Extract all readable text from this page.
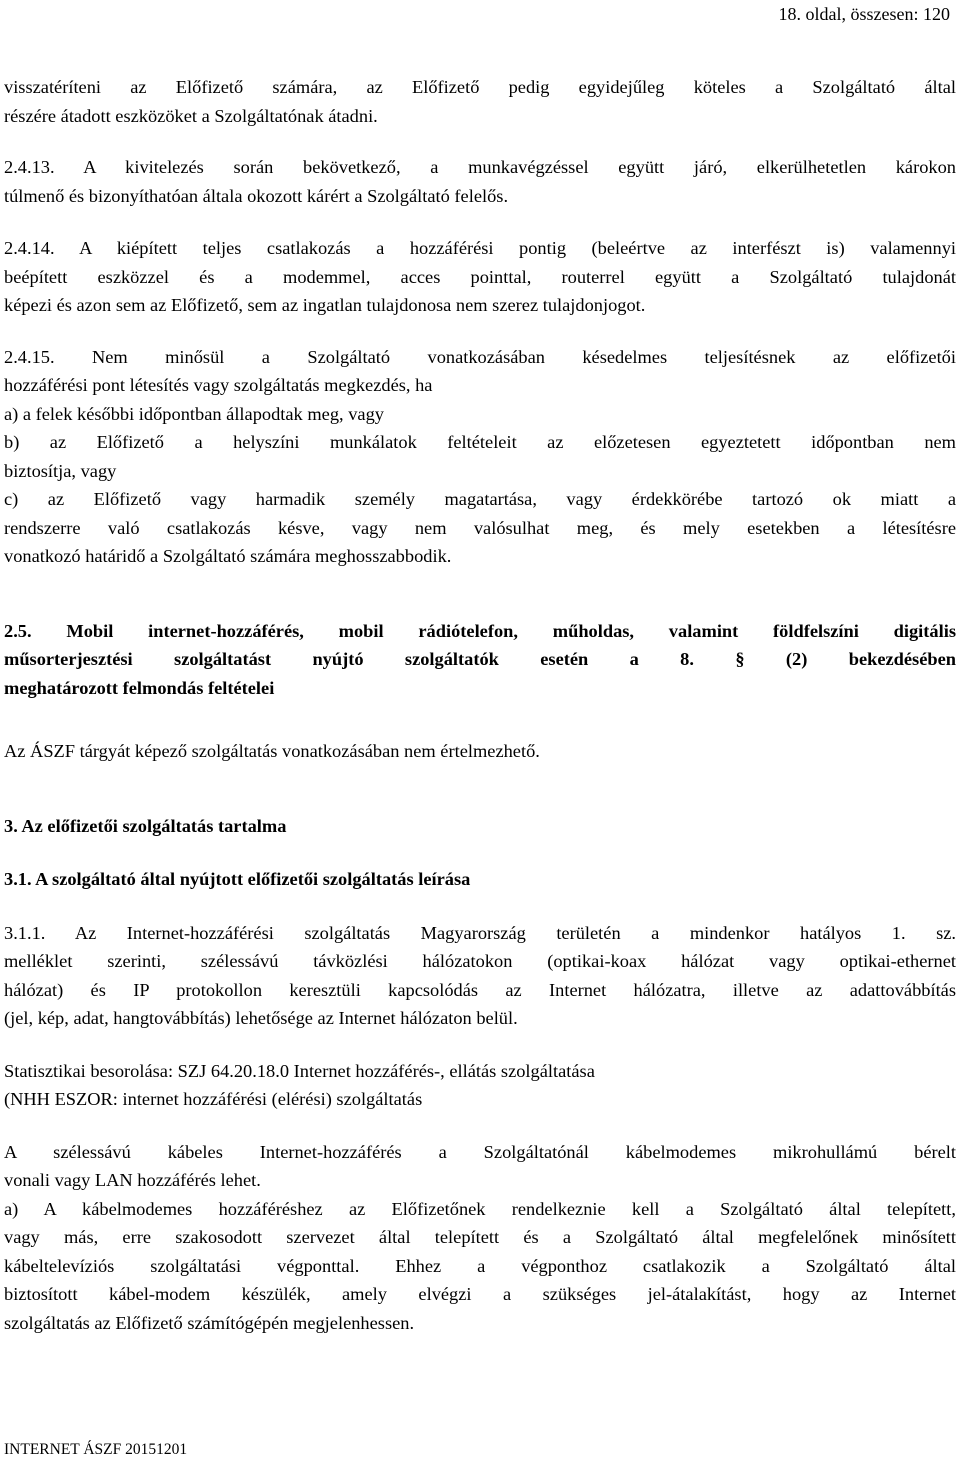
18. oldal, összesen: 120

visszatéríteni az Előfizető számára, az Előfizető pedig egyidejűleg köteles a Szolgáltató által

részére átadott eszközöket a Szolgáltatónak átadni.

2.4.13. A kivitelezés során bekövetkező, a munkavégzéssel együtt járó, elkerülhetetlen károkon

túlmenő és bizonyíthatóan általa okozott kárért a Szolgáltató felelős.

2.4.14. A kiépített teljes csatlakozás a hozzáférési pontig (beleértve az interfészt is) valamennyi

beépített eszközzel és a modemmel, acces pointtal, routerrel együtt a Szolgáltató tulajdonát

képezi és azon sem az Előfizető, sem az ingatlan tulajdonosa nem szerez tulajdonjogot.

2.4.15. Nem minősül a Szolgáltató vonatkozásában késedelmes teljesítésnek az előfizetői

hozzáférési pont létesítés vagy szolgáltatás megkezdés, ha

a) a felek későbbi időpontban állapodtak meg, vagy

b) az Előfizető a helyszíni munkálatok feltételeit az előzetesen egyeztetett időpontban nem

biztosítja, vagy

c) az Előfizető vagy harmadik személy magatartása, vagy érdekkörébe tartozó ok miatt a

rendszerre való csatlakozás késve, vagy nem valósulhat meg, és mely esetekben a létesítésre

vonatkozó határidő a Szolgáltató számára meghosszabbodik.

2.5. Mobil internet-hozzáférés, mobil rádiótelefon, műholdas, valamint földfelszíni digitális

műsorterjesztési szolgáltatást nyújtó szolgáltatók esetén a 8. § (2) bekezdésében

meghatározott felmondás feltételei

Az ÁSZF tárgyát képező szolgáltatás vonatkozásában nem értelmezhető.

3. Az előfizetői szolgáltatás tartalma

3.1. A szolgáltató által nyújtott előfizetői szolgáltatás leírása

3.1.1. Az Internet-hozzáférési szolgáltatás Magyarország területén a mindenkor hatályos 1. sz.

melléklet szerinti, szélessávú távközlési hálózatokon (optikai-koax hálózat vagy optikai-ethernet

hálózat) és IP protokollon keresztüli kapcsolódás az Internet hálózatra, illetve az adattovábbítás

(jel, kép, adat, hangtovábbítás) lehetősége az Internet hálózaton belül.

Statisztikai besorolása: SZJ 64.20.18.0 Internet hozzáférés-, ellátás szolgáltatása

(NHH ESZOR: internet hozzáférési (elérési) szolgáltatás

A szélessávú kábeles Internet-hozzáférés a Szolgáltatónál kábelmodemes mikrohullámú bérelt

vonali vagy LAN hozzáférés lehet.

a) A kábelmodemes hozzáféréshez az Előfizetőnek rendelkeznie kell a Szolgáltató által telepített,

vagy más, erre szakosodott szervezet által telepített és a Szolgáltató által megfelelőnek minősített

kábeltelevíziós szolgáltatási végponttal. Ehhez a végponthoz csatlakozik a Szolgáltató által

biztosított kábel-modem készülék, amely elvégzi a szükséges jel-átalakítást, hogy az Internet

szolgáltatás az Előfizető számítógépén megjelenhessen.

INTERNET ÁSZF 20151201
